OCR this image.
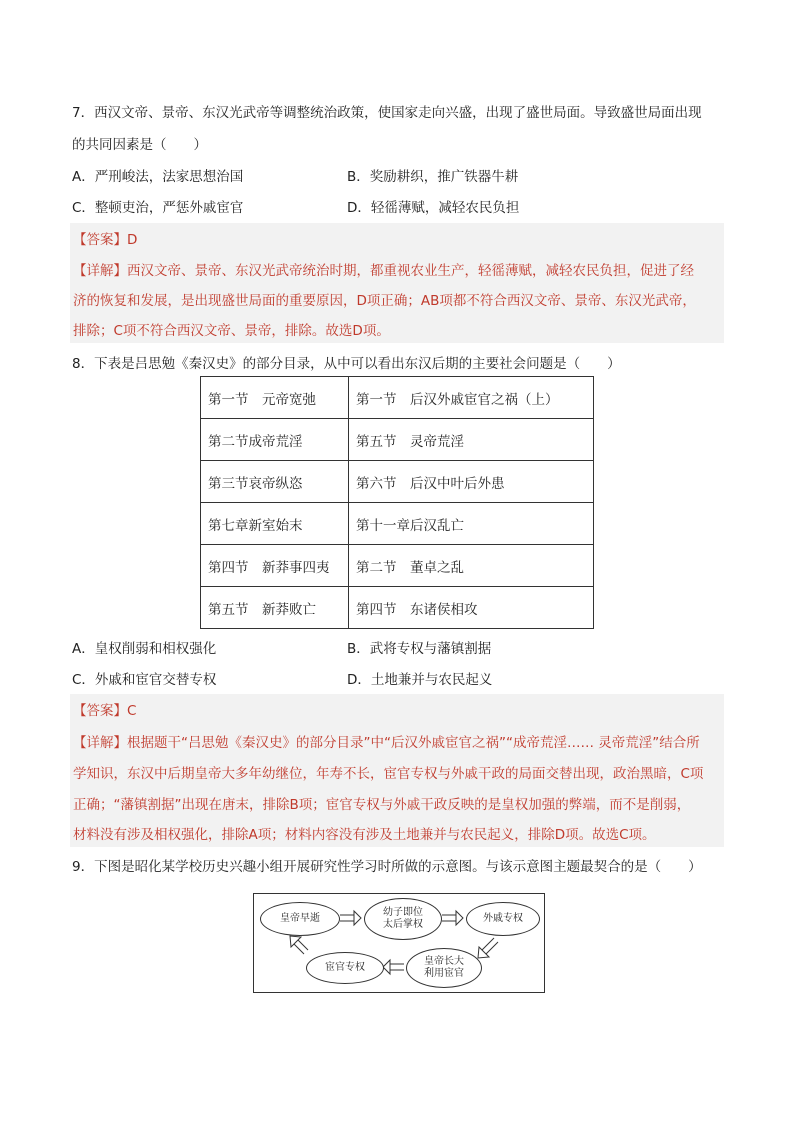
7．西汉文帝、景帝、东汉光武帝等调整统治政策，使国家走向兴盛，出现了盛世局面。导致盛世局面出现
的共同因素是（　　）
A．严刑峻法，法家思想治国	B．奖励耕织，推广铁器牛耕
C．整顿吏治，严惩外戚宦官	D．轻徭薄赋，减轻农民负担
【答案】D
【详解】西汉文帝、景帝、东汉光武帝统治时期，都重视农业生产，轻徭薄赋，减轻农民负担，促进了经
济的恢复和发展，是出现盛世局面的重要原因，D项正确；AB项都不符合西汉文帝、景帝、东汉光武帝，
排除；C项不符合西汉文帝、景帝，排除。故选D项。
8．下表是吕思勉《秦汉史》的部分目录，从中可以看出东汉后期的主要社会问题是（　　）
第一节　元帝宽弛	第一节　后汉外戚宦官之祸（上）
第二节成帝荒淫	第五节　灵帝荒淫
第三节哀帝纵恣	第六节　后汉中叶后外患
第七章新室始末	第十一章后汉乱亡
第四节　新莽事四夷	第二节　董卓之乱
第五节　新莽败亡	第四节　东诸侯相攻
A．皇权削弱和相权强化	B．武将专权与藩镇割据
C．外戚和宦官交替专权	D．土地兼并与农民起义
【答案】C
【详解】根据题干“吕思勉《秦汉史》的部分目录”中“后汉外戚宦官之祸”“成帝荒淫…… 灵帝荒淫”结合所
学知识，东汉中后期皇帝大多年幼继位，年寿不长，宦官专权与外戚干政的局面交替出现，政治黑暗，C项
正确；“藩镇割据”出现在唐末，排除B项；宦官专权与外戚干政反映的是皇权加强的弊端，而不是削弱，
材料没有涉及相权强化，排除A项；材料内容没有涉及土地兼并与农民起义，排除D项。故选C项。
9．下图是昭化某学校历史兴趣小组开展研究性学习时所做的示意图。与该示意图主题最契合的是（　　）
皇帝早逝
幼子即位
太后掌权
外戚专权
皇帝长大
利用宦官
宦官专权
